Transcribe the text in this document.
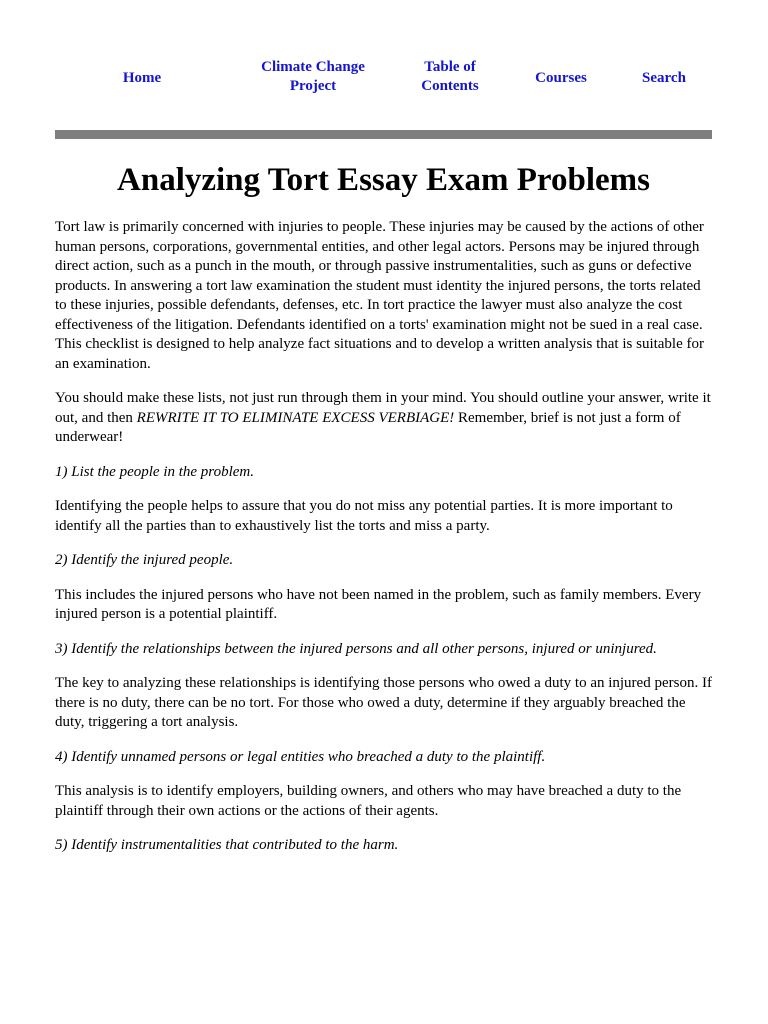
Home
Climate Change
Project
Table of
Contents	Courses	Search
Analyzing Tort Essay Exam Problems

Tort law is primarily concerned with injuries to people. These injuries may be caused by the actions of other human persons, corporations, governmental entities, and other legal actors. Persons may be injured through direct action, such as a punch in the mouth, or through passive instrumentalities, such as guns or defective products. In answering a tort law examination the student must identity the injured persons, the torts related to these injuries, possible defendants, defenses, etc. In tort practice the lawyer must also analyze the cost effectiveness of the litigation. Defendants identified on a torts' examination might not be sued in a real case. This checklist is designed to help analyze fact situations and to develop a written analysis that is suitable for an examination.

You should make these lists, not just run through them in your mind. You should outline your answer, write it out, and then REWRITE IT TO ELIMINATE EXCESS VERBIAGE! Remember, brief is not just a form of underwear!

1) List the people in the problem.

Identifying the people helps to assure that you do not miss any potential parties. It is more important to identify all the parties than to exhaustively list the torts and miss a party.

2) Identify the injured people.

This includes the injured persons who have not been named in the problem, such as family members. Every injured person is a potential plaintiff.

3) Identify the relationships between the injured persons and all other persons, injured or uninjured.

The key to analyzing these relationships is identifying those persons who owed a duty to an injured person. If there is no duty, there can be no tort. For those who owed a duty, determine if they arguably breached the duty, triggering a tort analysis.

4) Identify unnamed persons or legal entities who breached a duty to the plaintiff.

This analysis is to identify employers, building owners, and others who may have breached a duty to the plaintiff through their own actions or the actions of their agents.

5) Identify instrumentalities that contributed to the harm.
